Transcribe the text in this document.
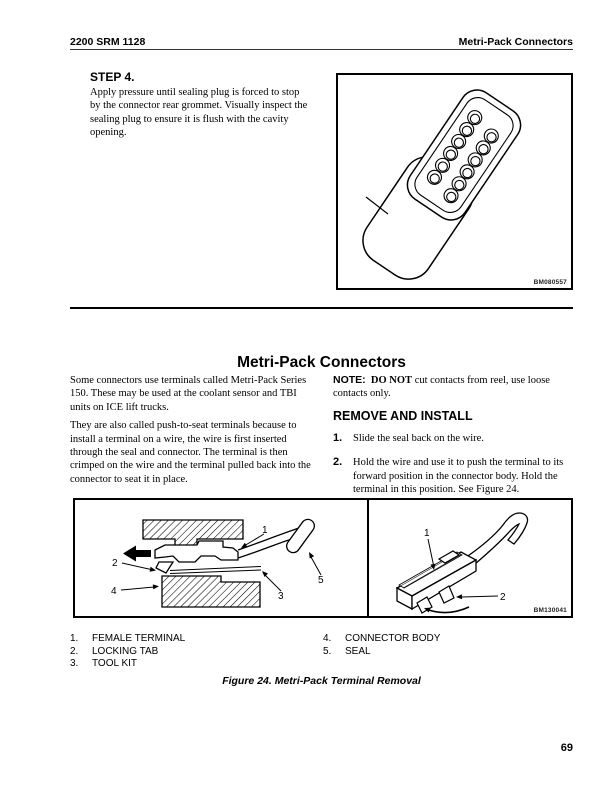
2200 SRM 1128	Metri-Pack Connectors
STEP 4.

Apply pressure until sealing plug is forced to stop by the connector rear grommet. Visually inspect the sealing plug to ensure it is flush with the cavity opening.

BM080557
Metri-Pack Connectors

Some connectors use terminals called Metri-Pack Series 150. These may be used at the coolant sensor and TBI units on ICE lift trucks.

They are also called push-to-seat terminals because to install a terminal on a wire, the wire is first inserted through the seal and connector. The terminal is then crimped on the wire and the terminal pulled back into the connector to seat it in place.

NOTE: DO NOT cut contacts from reel, use loose contacts only.

REMOVE AND INSTALL
1.	Slide the seal back on the wire.
2.	Hold the wire and use it to push the terminal to its forward position in the connector body. Hold the terminal in this position. See Figure 24.
1
2
3
4
5
1
2
BM130041
1.	FEMALE TERMINAL
2.	LOCKING TAB
3.	TOOL KIT
4.	CONNECTOR BODY
5.	SEAL
Figure 24. Metri-Pack Terminal Removal
69
